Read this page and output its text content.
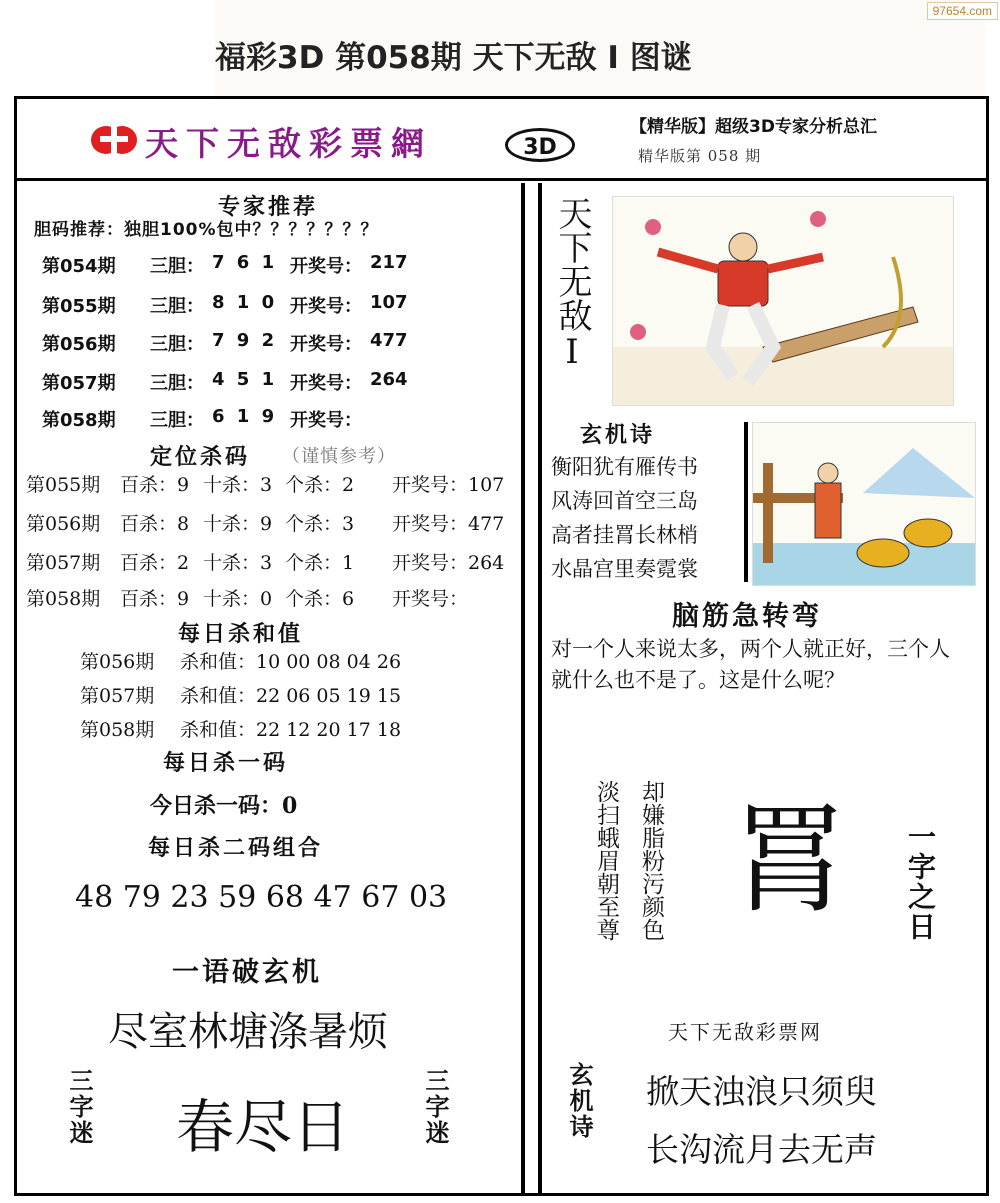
97654.com
福彩3D 第058期 天下无敌 I 图谜
天下无敌彩票網	3D
【精华版】超级3D专家分析总汇
精华版第 058 期
专家推荐
胆码推荐：独胆100%包中？？？？？？？
第054期 三胆： 7 6 1 开奖号： 217
第055期 三胆： 8 1 0 开奖号： 107
第056期 三胆： 7 9 2 开奖号： 477
第057期 三胆： 4 5 1 开奖号： 264
第058期 三胆： 6 1 9 开奖号：
定位杀码 （谨慎参考）
第055期 百杀：9 十杀：3 个杀：2 开奖号：107
第056期 百杀：8 十杀：9 个杀：3 开奖号：477
第057期 百杀：2 十杀：3 个杀：1 开奖号：264
第058期 百杀：9 十杀：0 个杀：6 开奖号：
每日杀和值
第056期 杀和值：10 00 08 04 26
第057期 杀和值：22 06 05 19 15
第058期 杀和值：22 12 20 17 18
每日杀一码
今日杀一码：0
每日杀二码组合
48 79 23 59 68 47 67 03
一语破玄机
尽室林塘涤暑烦
三字迷 春尽日	三字迷
天下无敌Ⅰ
玄机诗
衡阳犹有雁传书
风涛回首空三岛
高者挂罥长林梢
水晶宫里奏霓裳
脑筋急转弯
对一个人来说太多，两个人就正好，三个人就什么也不是了。这是什么呢？
却嫌脂粉污颜色
淡扫蛾眉朝至尊 罥 一字之日
天下无敌彩票网
玄机诗 掀天浊浪只须臾
长沟流月去无声
